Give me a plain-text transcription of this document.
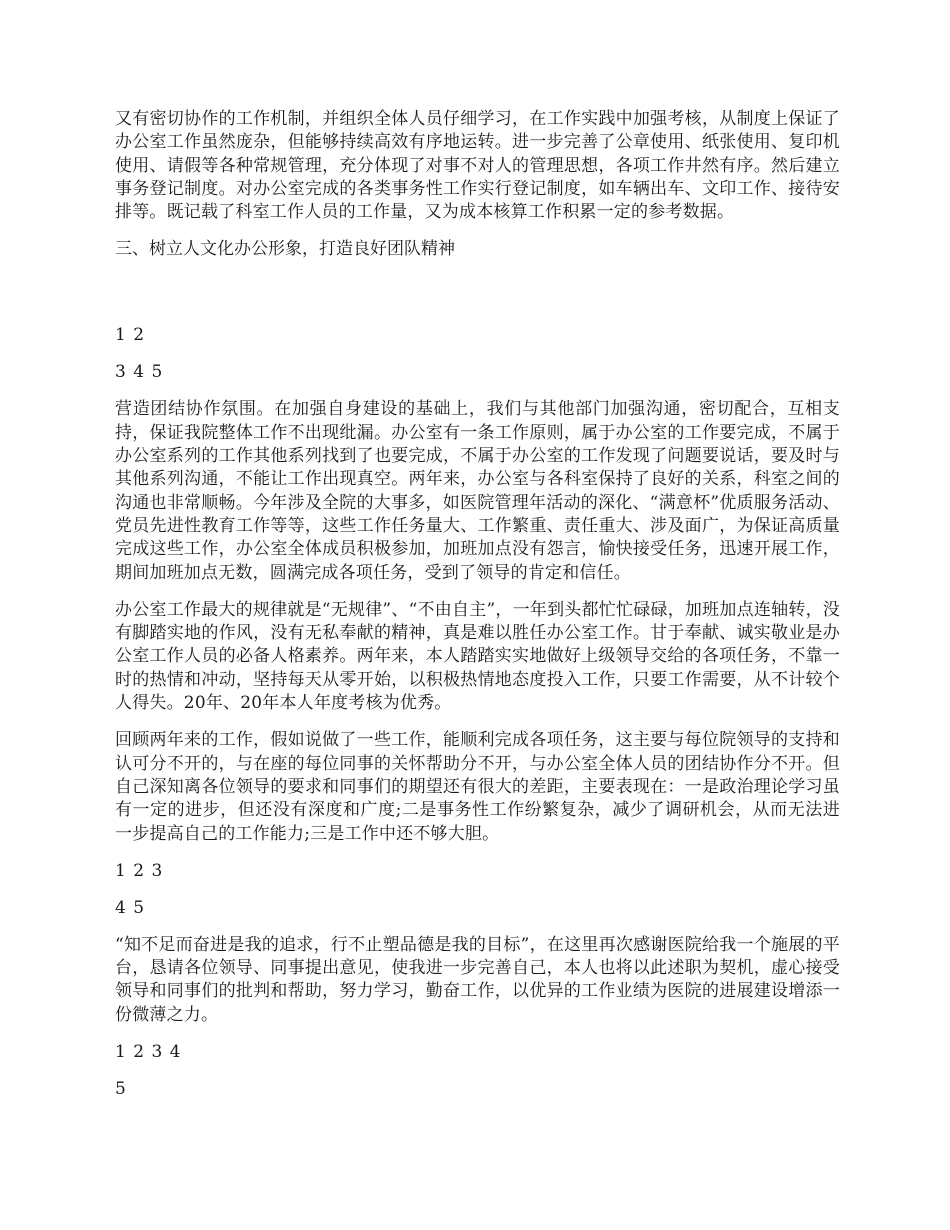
又有密切协作的工作机制，并组织全体人员仔细学习，在工作实践中加强考核，从制度上保证了办公室工作虽然庞杂，但能够持续高效有序地运转。进一步完善了公章使用、纸张使用、复印机使用、请假等各种常规管理，充分体现了对事不对人的管理思想，各项工作井然有序。然后建立事务登记制度。对办公室完成的各类事务性工作实行登记制度，如车辆出车、文印工作、接待安排等。既记载了科室工作人员的工作量，又为成本核算工作积累一定的参考数据。

三、树立人文化办公形象，打造良好团队精神

1 2

3 4 5

营造团结协作氛围。在加强自身建设的基础上，我们与其他部门加强沟通，密切配合，互相支持，保证我院整体工作不出现纰漏。办公室有一条工作原则，属于办公室的工作要完成，不属于办公室系列的工作其他系列找到了也要完成，不属于办公室的工作发现了问题要说话，要及时与其他系列沟通，不能让工作出现真空。两年来，办公室与各科室保持了良好的关系，科室之间的沟通也非常顺畅。今年涉及全院的大事多，如医院管理年活动的深化、“满意杯”优质服务活动、党员先进性教育工作等等，这些工作任务量大、工作繁重、责任重大、涉及面广，为保证高质量完成这些工作，办公室全体成员积极参加，加班加点没有怨言，愉快接受任务，迅速开展工作，期间加班加点无数，圆满完成各项任务，受到了领导的肯定和信任。

办公室工作最大的规律就是“无规律”、“不由自主”，一年到头都忙忙碌碌，加班加点连轴转，没有脚踏实地的作风，没有无私奉献的精神，真是难以胜任办公室工作。甘于奉献、诚实敬业是办公室工作人员的必备人格素养。两年来，本人踏踏实实地做好上级领导交给的各项任务，不靠一时的热情和冲动，坚持每天从零开始，以积极热情地态度投入工作，只要工作需要，从不计较个人得失。20年、20年本人年度考核为优秀。

回顾两年来的工作，假如说做了一些工作，能顺利完成各项任务，这主要与每位院领导的支持和认可分不开的，与在座的每位同事的关怀帮助分不开，与办公室全体人员的团结协作分不开。但自己深知离各位领导的要求和同事们的期望还有很大的差距，主要表现在：一是政治理论学习虽有一定的进步，但还没有深度和广度;二是事务性工作纷繁复杂，减少了调研机会，从而无法进一步提高自己的工作能力;三是工作中还不够大胆。

1 2 3

4 5

“知不足而奋进是我的追求，行不止塑品德是我的目标”，在这里再次感谢医院给我一个施展的平台，恳请各位领导、同事提出意见，使我进一步完善自己，本人也将以此述职为契机，虚心接受领导和同事们的批判和帮助，努力学习，勤奋工作，以优异的工作业绩为医院的进展建设增添一份微薄之力。

1 2 3 4

5
